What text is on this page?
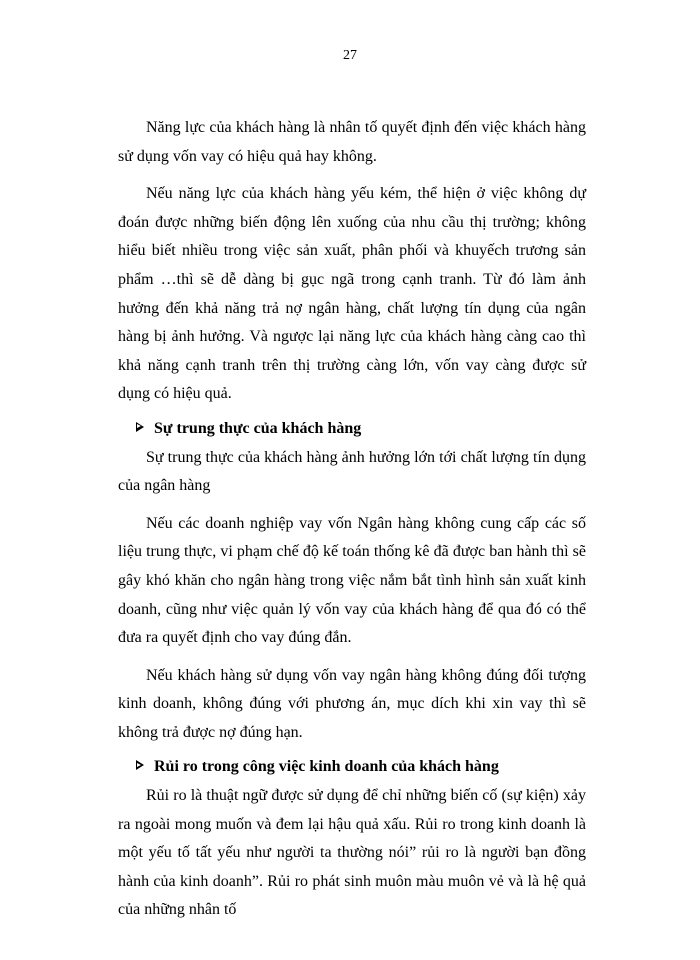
27

Năng lực của khách hàng là nhân tố quyết định đến việc khách hàng sử dụng vốn vay có hiệu quả hay không.

Nếu năng lực của khách hàng yếu kém, thể hiện ở việc không dự đoán được những biến động lên xuống của nhu cầu thị trường; không hiểu biết nhiều trong việc sản xuất, phân phối và khuyếch trương sản phẩm …thì sẽ dễ dàng bị gục ngã trong cạnh tranh. Từ đó làm ảnh hưởng đến khả năng trả nợ ngân hàng, chất lượng tín dụng của ngân hàng bị ảnh hưởng. Và ngược lại năng lực của khách hàng càng cao thì khả năng cạnh tranh trên thị trường càng lớn, vốn vay càng được sử dụng có hiệu quả.

Sự trung thực của khách hàng

Sự trung thực của khách hàng ảnh hưởng lớn tới chất lượng tín dụng của ngân hàng

Nếu các doanh nghiệp vay vốn Ngân hàng không cung cấp các số liệu trung thực, vi phạm chế độ kế toán thống kê đã được ban hành thì sẽ gây khó khăn cho ngân hàng trong việc nắm bắt tình hình sản xuất kinh doanh, cũng như việc quản lý vốn vay của khách hàng để qua đó có thể đưa ra quyết định cho vay đúng đắn.

Nếu khách hàng sử dụng vốn vay ngân hàng không đúng đối tượng kinh doanh, không đúng với phương án, mục dích khi xin vay thì sẽ không trả được nợ đúng hạn.

Rủi ro trong công việc kinh doanh của khách hàng

Rủi ro là thuật ngữ được sử dụng để chỉ những biến cố (sự kiện) xảy ra ngoài mong muốn và đem lại hậu quả xấu. Rủi ro trong kinh doanh là một yếu tố tất yếu như người ta thường nói” rủi ro là người bạn đồng hành của kinh doanh”. Rủi ro phát sinh muôn màu muôn vẻ và là hệ quả của những nhân tố
